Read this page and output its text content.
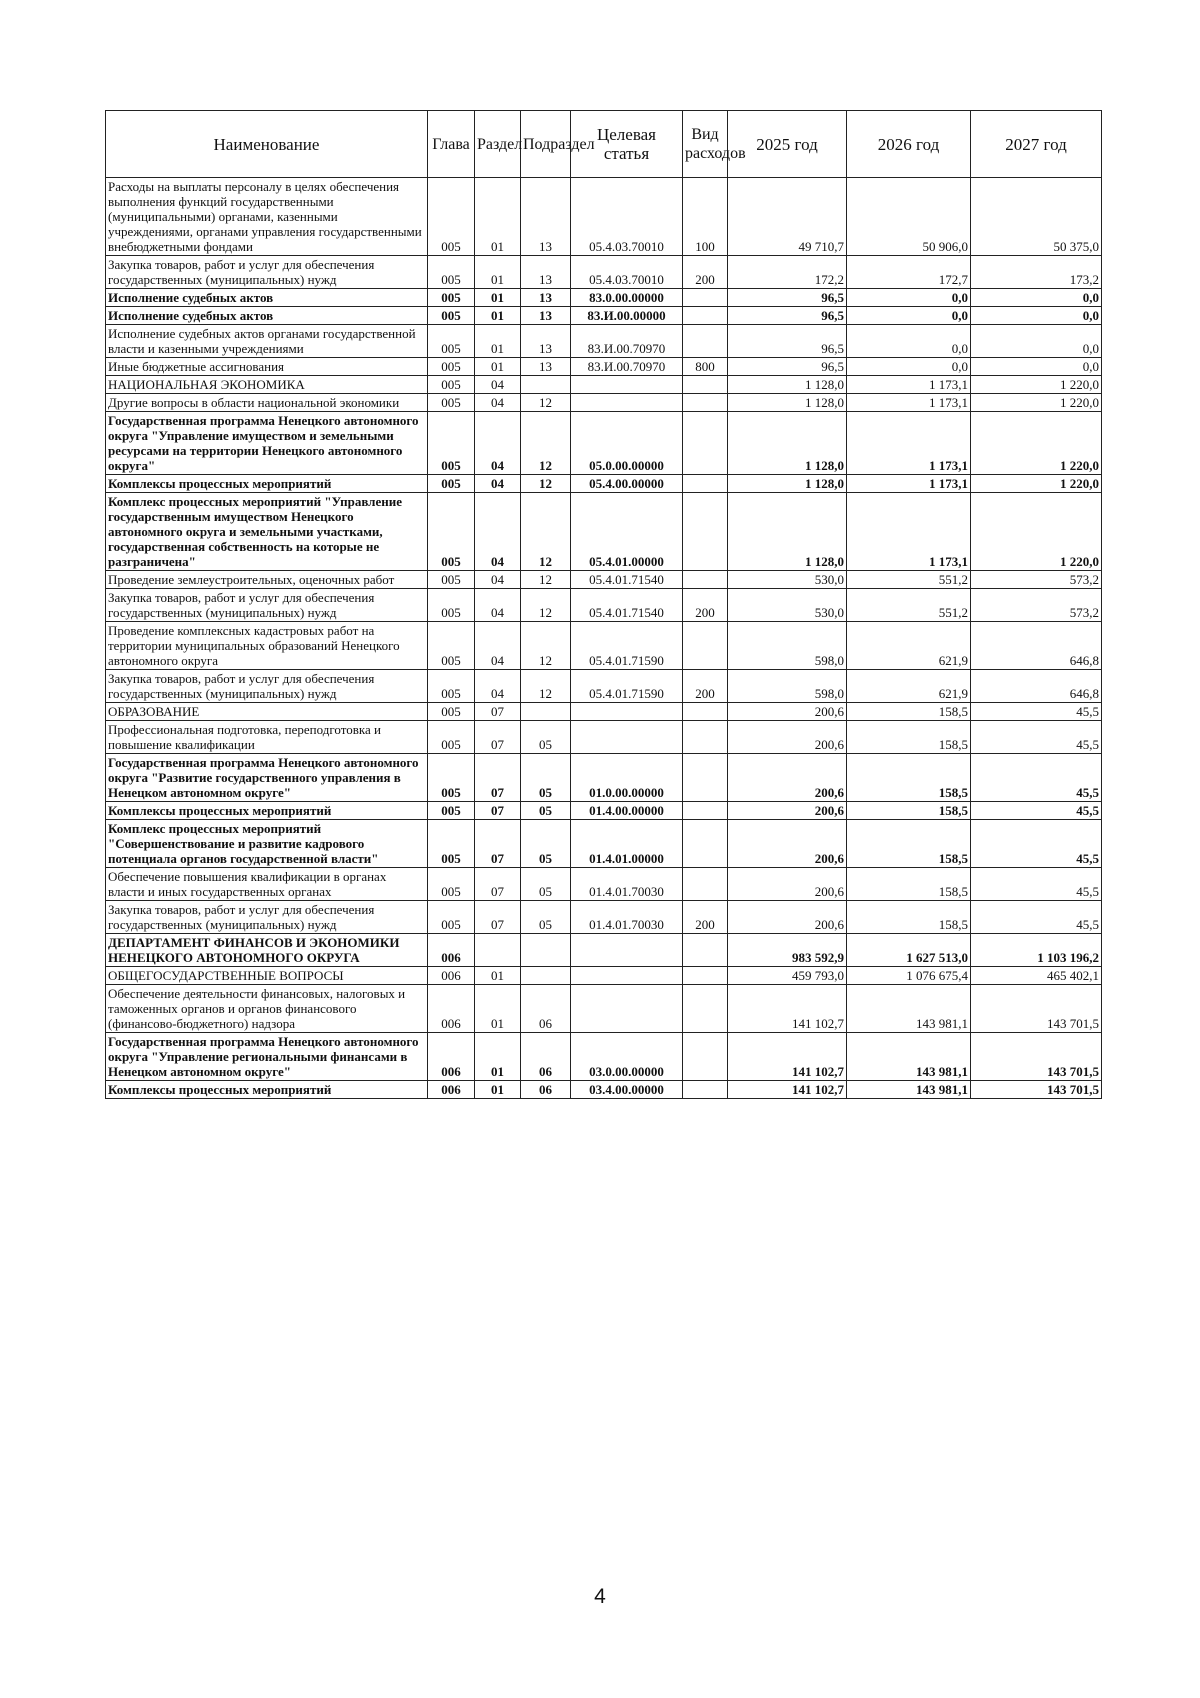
Наименование	Глава	Раздел	Подраздел	Целевая статья	Вид расходов	2025 год	2026 год	2027 год
Расходы на выплаты персоналу в целях обеспечения выполнения функций государственными (муниципальными) органами, казенными учреждениями, органами управления государственными внебюджетными фондами	005	01	13	05.4.03.70010	100	49 710,7	50 906,0	50 375,0
Закупка товаров, работ и услуг для обеспечения государственных (муниципальных) нужд	005	01	13	05.4.03.70010	200	172,2	172,7	173,2
Исполнение судебных актов	005	01	13	83.0.00.00000		96,5	0,0	0,0
Исполнение судебных актов	005	01	13	83.И.00.00000		96,5	0,0	0,0
Исполнение судебных актов органами государственной власти и казенными учреждениями	005	01	13	83.И.00.70970		96,5	0,0	0,0
Иные бюджетные ассигнования	005	01	13	83.И.00.70970	800	96,5	0,0	0,0
НАЦИОНАЛЬНАЯ ЭКОНОМИКА	005	04				1 128,0	1 173,1	1 220,0
Другие вопросы в области национальной экономики	005	04	12			1 128,0	1 173,1	1 220,0
Государственная программа Ненецкого автономного округа "Управление имуществом и земельными ресурсами на территории Ненецкого автономного округа"	005	04	12	05.0.00.00000		1 128,0	1 173,1	1 220,0
Комплексы процессных мероприятий	005	04	12	05.4.00.00000		1 128,0	1 173,1	1 220,0
Комплекс процессных мероприятий "Управление государственным имуществом Ненецкого автономного округа и земельными участками, государственная собственность на которые не разграничена"	005	04	12	05.4.01.00000		1 128,0	1 173,1	1 220,0
Проведение землеустроительных, оценочных работ	005	04	12	05.4.01.71540		530,0	551,2	573,2
Закупка товаров, работ и услуг для обеспечения государственных (муниципальных) нужд	005	04	12	05.4.01.71540	200	530,0	551,2	573,2
Проведение комплексных кадастровых работ на территории муниципальных образований Ненецкого автономного округа	005	04	12	05.4.01.71590		598,0	621,9	646,8
Закупка товаров, работ и услуг для обеспечения государственных (муниципальных) нужд	005	04	12	05.4.01.71590	200	598,0	621,9	646,8
ОБРАЗОВАНИЕ	005	07				200,6	158,5	45,5
Профессиональная подготовка, переподготовка и повышение квалификации	005	07	05			200,6	158,5	45,5
Государственная программа Ненецкого автономного округа "Развитие государственного управления в Ненецком автономном округе"	005	07	05	01.0.00.00000		200,6	158,5	45,5
Комплексы процессных мероприятий	005	07	05	01.4.00.00000		200,6	158,5	45,5
Комплекс процессных мероприятий "Совершенствование и развитие кадрового потенциала органов государственной власти"	005	07	05	01.4.01.00000		200,6	158,5	45,5
Обеспечение повышения квалификации в органах власти и иных государственных органах	005	07	05	01.4.01.70030		200,6	158,5	45,5
Закупка товаров, работ и услуг для обеспечения государственных (муниципальных) нужд	005	07	05	01.4.01.70030	200	200,6	158,5	45,5
ДЕПАРТАМЕНТ ФИНАНСОВ И ЭКОНОМИКИ НЕНЕЦКОГО АВТОНОМНОГО ОКРУГА	006					983 592,9	1 627 513,0	1 103 196,2
ОБЩЕГОСУДАРСТВЕННЫЕ ВОПРОСЫ	006	01				459 793,0	1 076 675,4	465 402,1
Обеспечение деятельности финансовых, налоговых и таможенных органов и органов финансового (финансово-бюджетного) надзора	006	01	06			141 102,7	143 981,1	143 701,5
Государственная программа Ненецкого автономного округа "Управление региональными финансами в Ненецком автономном округе"	006	01	06	03.0.00.00000		141 102,7	143 981,1	143 701,5
Комплексы процессных мероприятий	006	01	06	03.4.00.00000		141 102,7	143 981,1	143 701,5
4
